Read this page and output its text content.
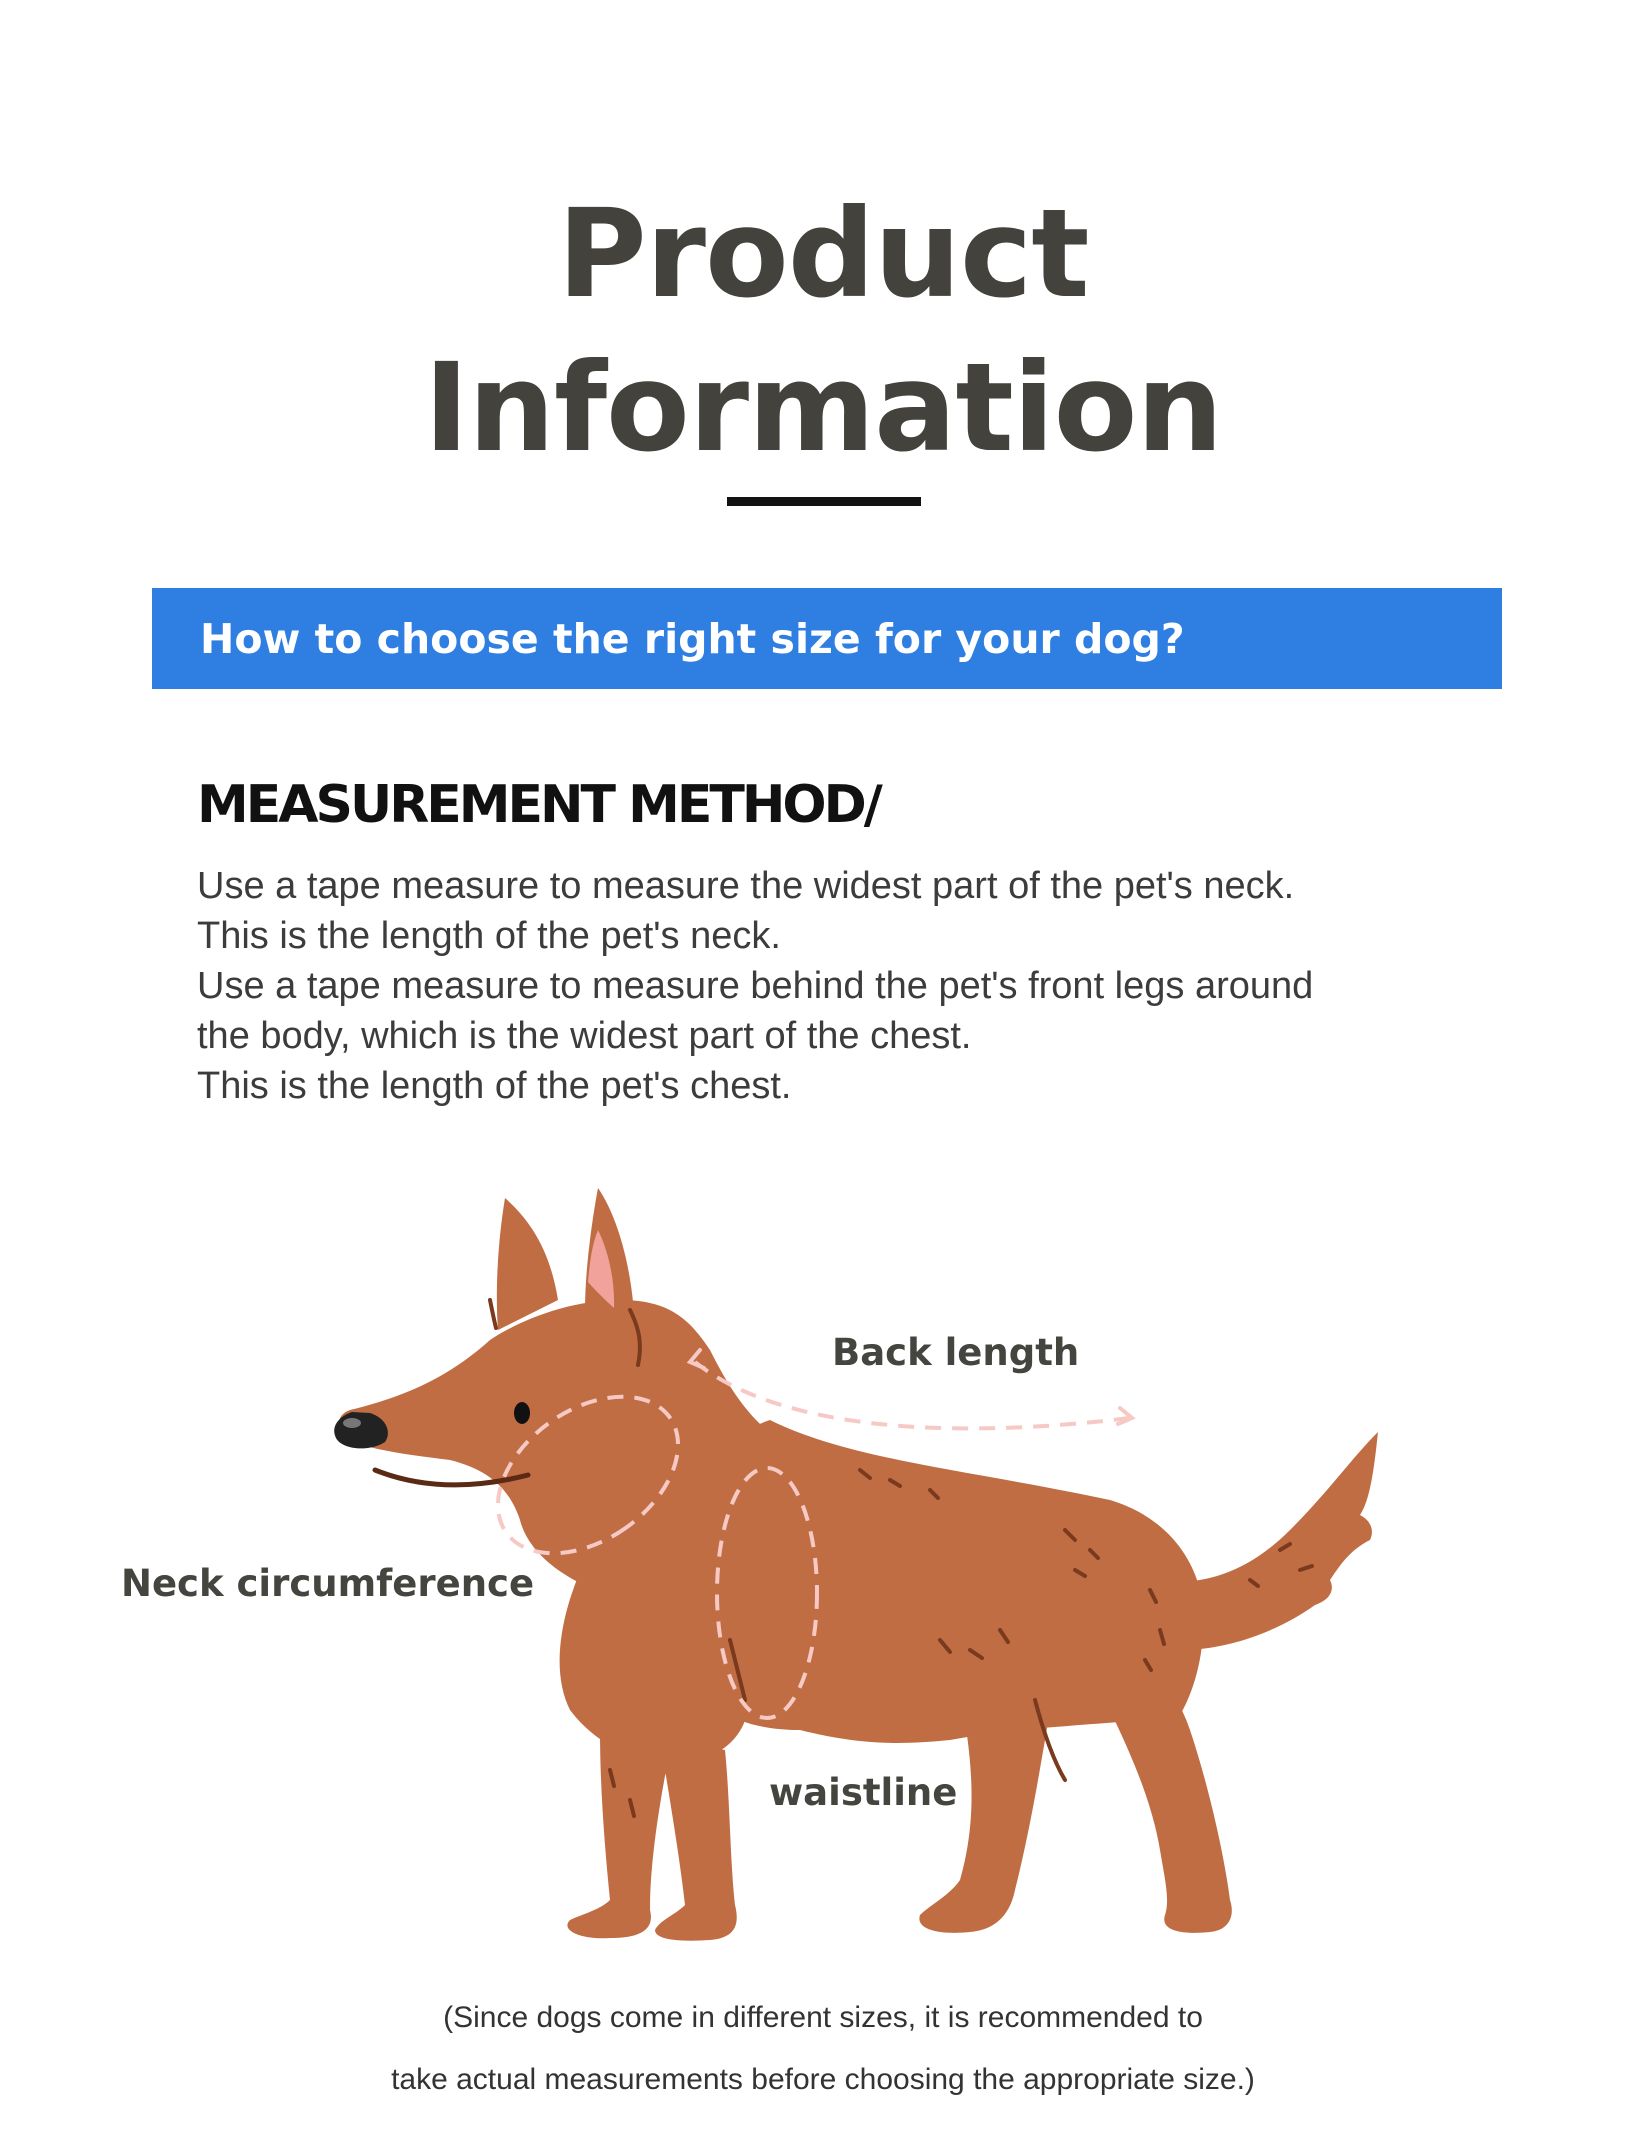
Product
Information
How to choose the right size for your dog?
MEASUREMENT METHOD/
Use a tape measure to measure the widest part of the pet's neck.
This is the length of the pet's neck.
Use a tape measure to measure behind the pet's front legs around
the body, which is the widest part of the chest.
This is the length of the pet's chest.
Back length
Neck circumference
waistline
(Since dogs come in different sizes, it is recommended to
take actual measurements before choosing the appropriate size.)
